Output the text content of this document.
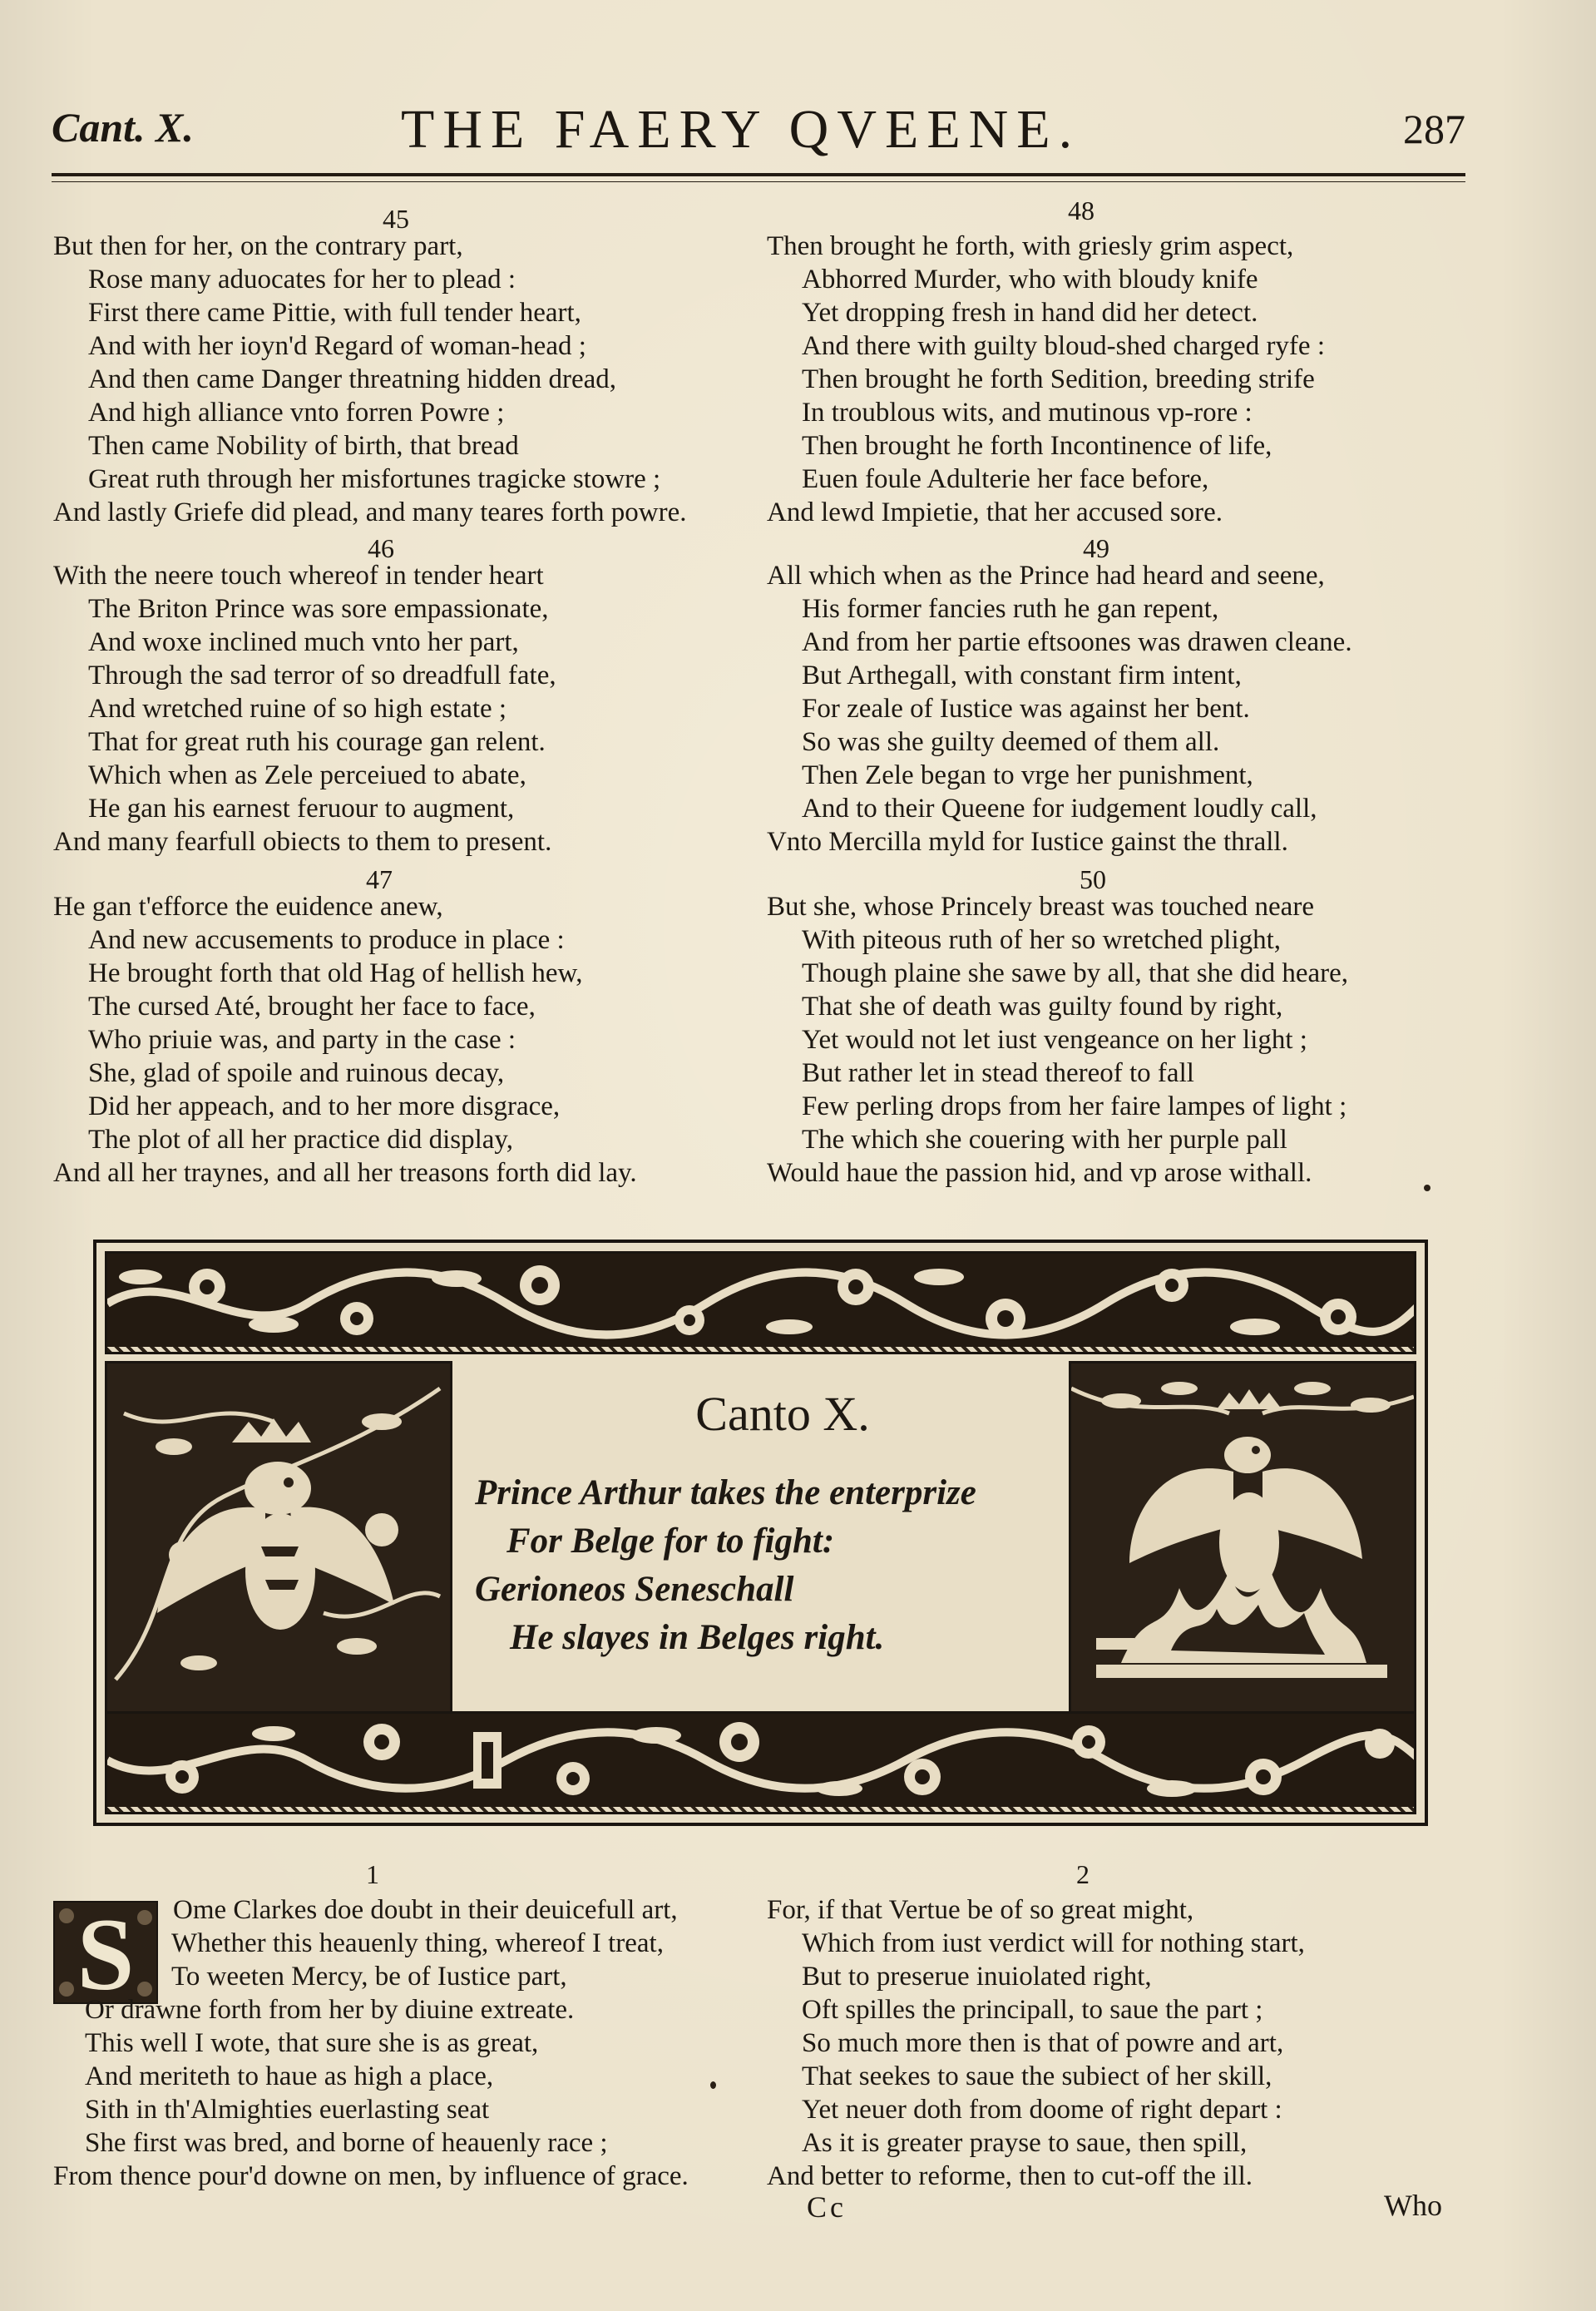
Cant. X.	THE FAERY QVEENE.	287
45
But then for her, on the contrary part,
Rose many aduocates for her to plead :
First there came Pittie, with full tender heart,
And with her ioyn'd Regard of woman-head ;
And then came Danger threatning hidden dread,
And high alliance vnto forren Powre ;
Then came Nobility of birth, that bread
Great ruth through her misfortunes tragicke stowre ;
And lastly Griefe did plead, and many teares forth powre.
46
With the neere touch whereof in tender heart
The Briton Prince was sore empassionate,
And woxe inclined much vnto her part,
Through the sad terror of so dreadfull fate,
And wretched ruine of so high estate ;
That for great ruth his courage gan relent.
Which when as Zele perceiued to abate,
He gan his earnest feruour to augment,
And many fearfull obiects to them to present.
47
He gan t'efforce the euidence anew,
And new accusements to produce in place :
He brought forth that old Hag of hellish hew,
The cursed Até, brought her face to face,
Who priuie was, and party in the case :
She, glad of spoile and ruinous decay,
Did her appeach, and to her more disgrace,
The plot of all her practice did display,
And all her traynes, and all her treasons forth did lay.
48
Then brought he forth, with griesly grim aspect,
Abhorred Murder, who with bloudy knife
Yet dropping fresh in hand did her detect.
And there with guilty bloud-shed charged ryfe :
Then brought he forth Sedition, breeding strife
In troublous wits, and mutinous vp-rore :
Then brought he forth Incontinence of life,
Euen foule Adulterie her face before,
And lewd Impietie, that her accused sore.
49
All which when as the Prince had heard and seene,
His former fancies ruth he gan repent,
And from her partie eftsoones was drawen cleane.
But Arthegall, with constant firm intent,
For zeale of Iustice was against her bent.
So was she guilty deemed of them all.
Then Zele began to vrge her punishment,
And to their Queene for iudgement loudly call,
Vnto Mercilla myld for Iustice gainst the thrall.
50
But she, whose Princely breast was touched neare
With piteous ruth of her so wretched plight,
Though plaine she sawe by all, that she did heare,
That she of death was guilty found by right,
Yet would not let iust vengeance on her light ;
But rather let in stead thereof to fall
Few perling drops from her faire lampes of light ;
The which she couering with her purple pall
Would haue the passion hid, and vp arose withall.
Canto X.
Prince Arthur takes the enterprize
For Belge for to fight:
Gerioneos Seneschall
He slayes in Belges right.
S
1
Ome Clarkes doe doubt in their deuicefull art,
Whether this heauenly thing, whereof I treat,
To weeten Mercy, be of Iustice part,
Or drawne forth from her by diuine extreate.
This well I wote, that sure she is as great,
And meriteth to haue as high a place,
Sith in th'Almighties euerlasting seat
She first was bred, and borne of heauenly race ;
From thence pour'd downe on men, by influence of grace.
2
For, if that Vertue be of so great might,
Which from iust verdict will for nothing start,
But to preserue inuiolated right,
Oft spilles the principall, to saue the part ;
So much more then is that of powre and art,
That seekes to saue the subiect of her skill,
Yet neuer doth from doome of right depart :
As it is greater prayse to saue, then spill,
And better to reforme, then to cut-off the ill.
Cc	Who
